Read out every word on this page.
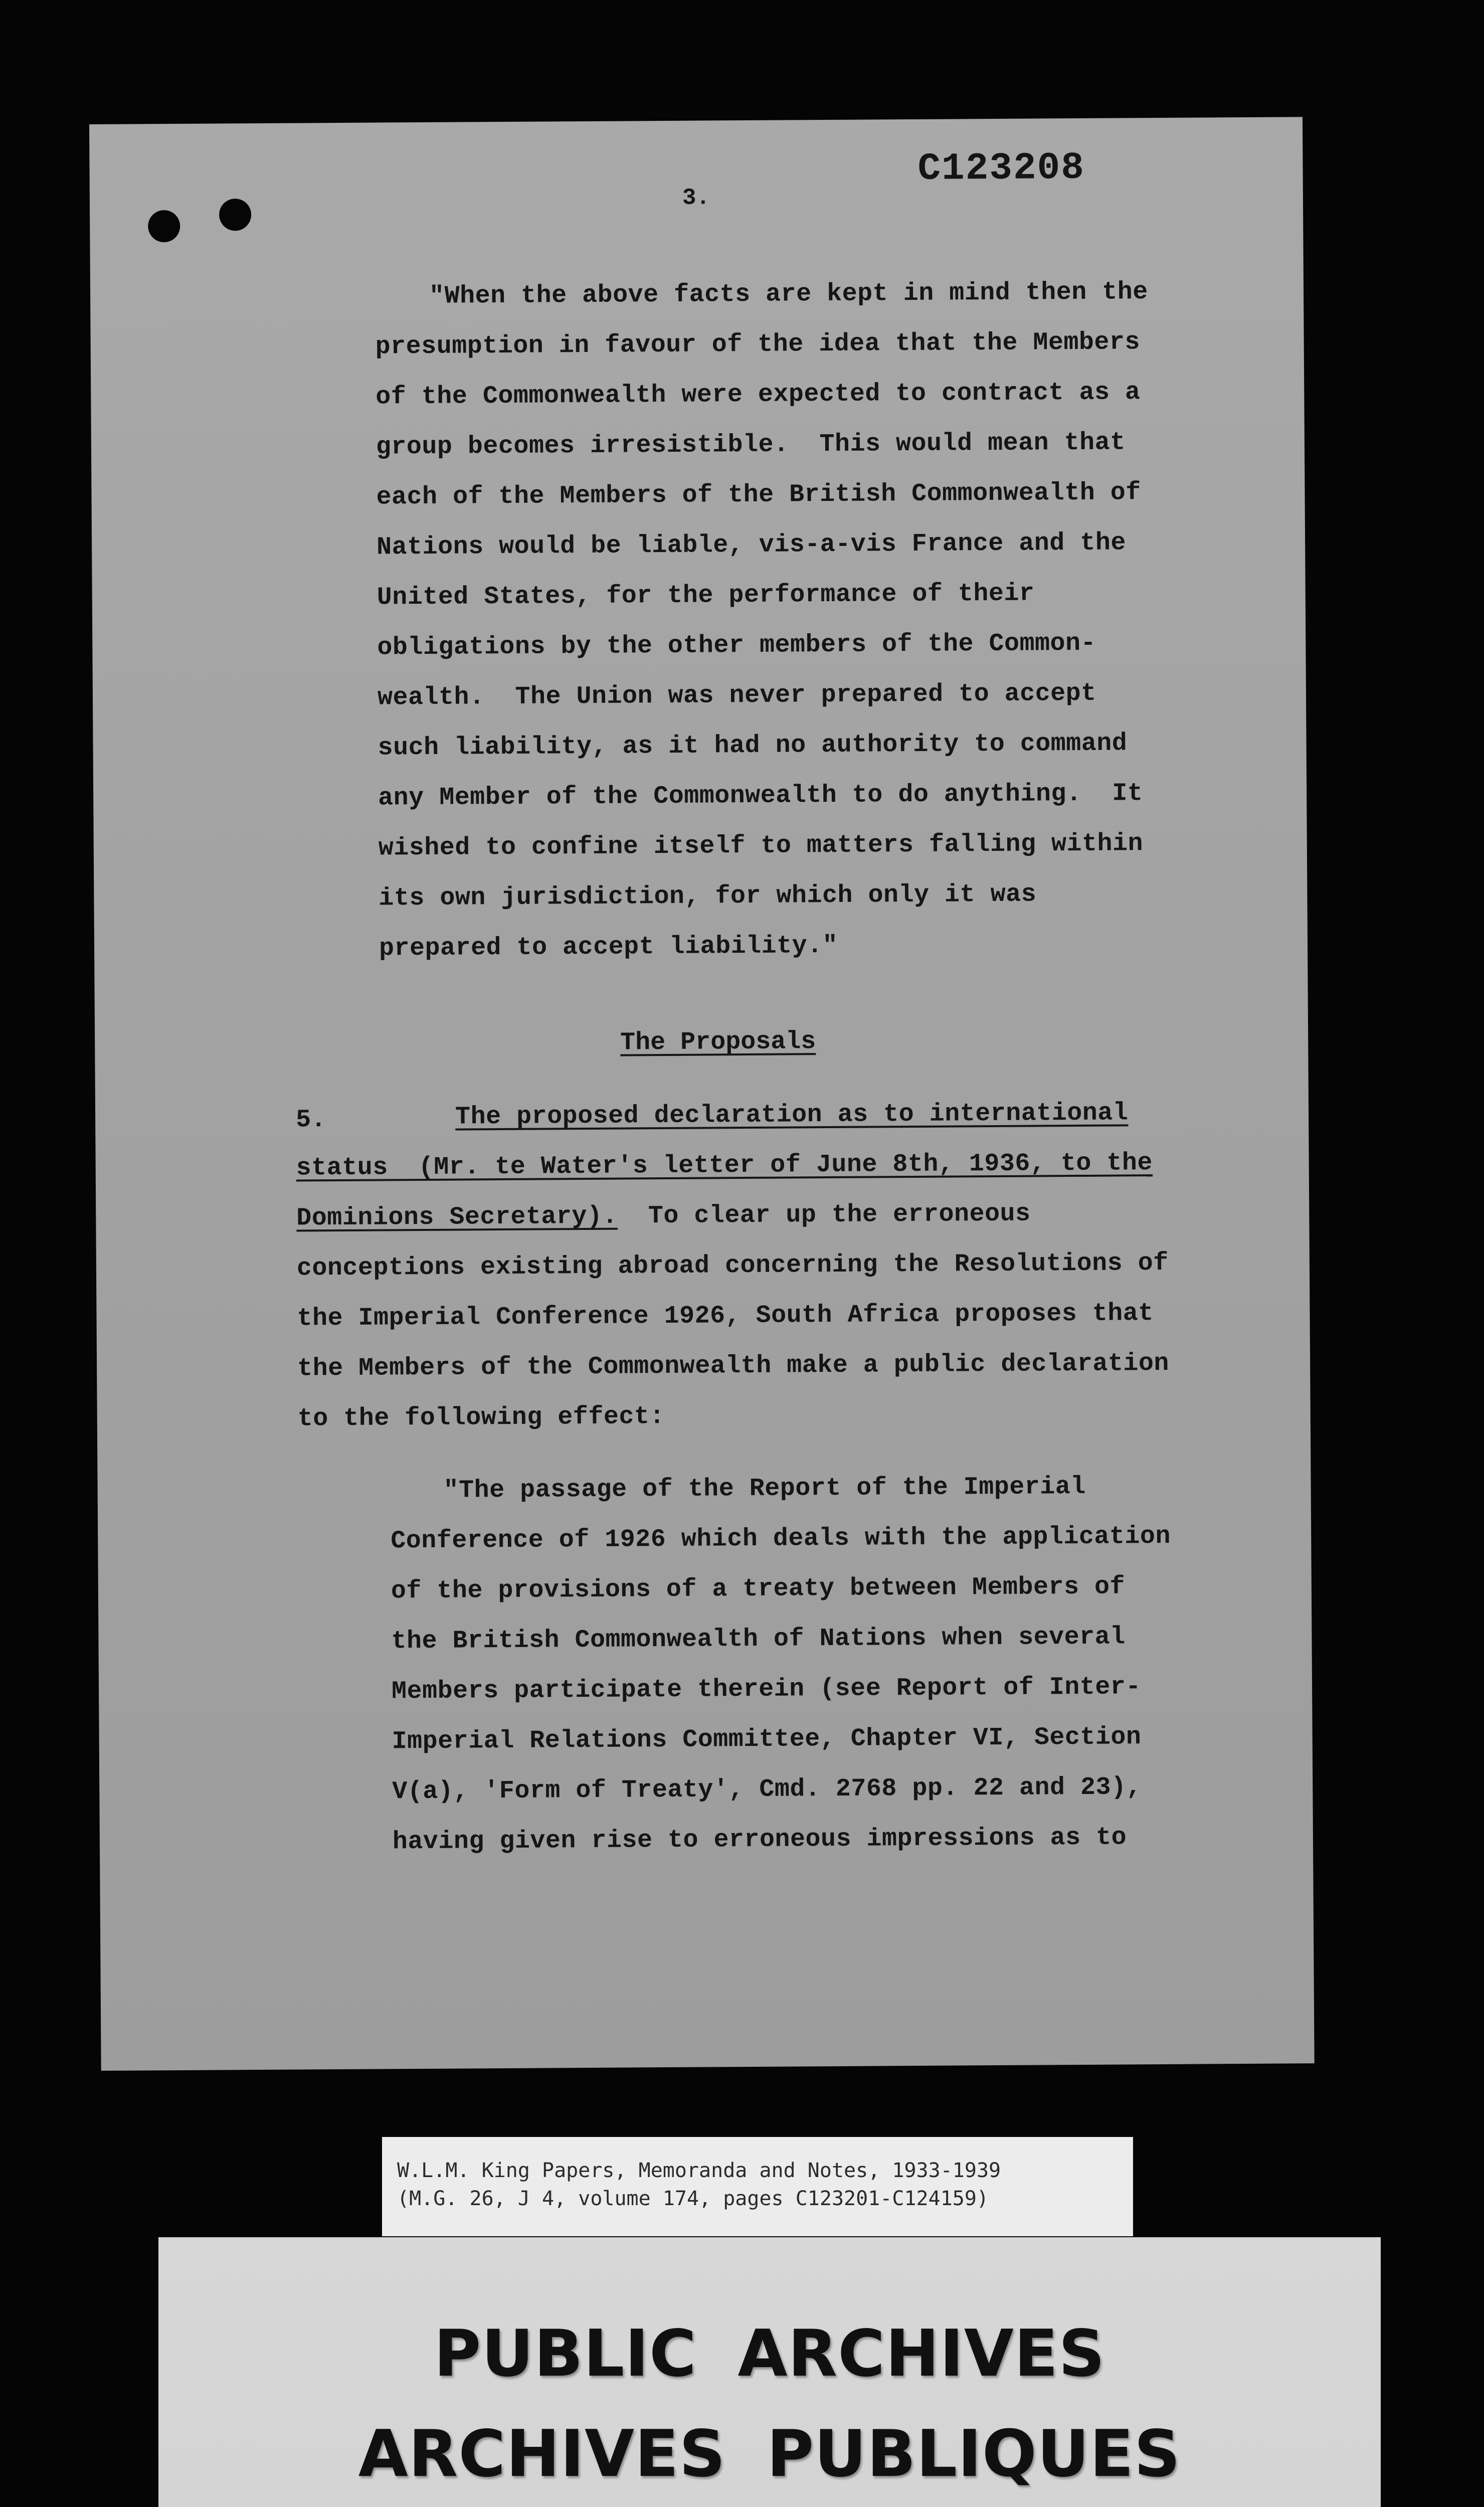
3.
C123208
"When the above facts are kept in mind then the
presumption in favour of the idea that the Members
of the Commonwealth were expected to contract as a
group becomes irresistible.  This would mean that
each of the Members of the British Commonwealth of
Nations would be liable, vis-a-vis France and the
United States, for the performance of their
obligations by the other members of the Common-
wealth.  The Union was never prepared to accept
such liability, as it had no authority to command
any Member of the Commonwealth to do anything.  It
wished to confine itself to matters falling within
its own jurisdiction, for which only it was
prepared to accept liability."
The Proposals
5.	The proposed declaration as to international
status  (Mr. te Water's letter of June 8th, 1936, to the
Dominions Secretary).  To clear up the erroneous
conceptions existing abroad concerning the Resolutions of
the Imperial Conference 1926, South Africa proposes that
the Members of the Commonwealth make a public declaration
to the following effect:
"The passage of the Report of the Imperial
Conference of 1926 which deals with the application
of the provisions of a treaty between Members of
the British Commonwealth of Nations when several
Members participate therein (see Report of Inter-
Imperial Relations Committee, Chapter VI, Section
V(a), 'Form of Treaty', Cmd. 2768 pp. 22 and 23),
having given rise to erroneous impressions as to
W.L.M. King Papers, Memoranda and Notes, 1933-1939
(M.G. 26, J 4, volume 174, pages C123201-C124159)
PUBLIC ARCHIVES
ARCHIVES PUBLIQUES
